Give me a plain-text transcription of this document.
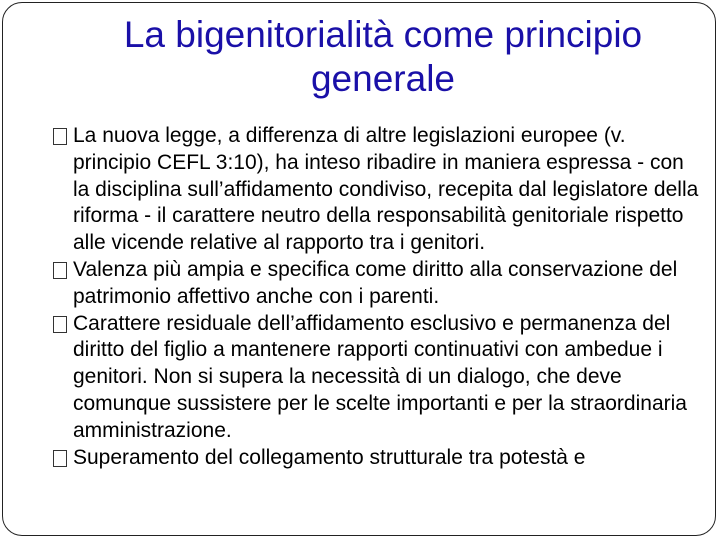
La bigenitorialità come principio generale
La nuova legge, a differenza di altre legislazioni europee (v. principio CEFL 3:10), ha inteso ribadire in maniera espressa - con la disciplina sull’affidamento condiviso, recepita dal legislatore della riforma - il carattere neutro della responsabilità genitoriale rispetto alle vicende relative al rapporto tra i genitori.
Valenza più ampia e specifica come diritto alla conservazione del patrimonio affettivo anche con i parenti.
Carattere residuale dell’affidamento esclusivo e permanenza del diritto del figlio a mantenere rapporti continuativi con ambedue i genitori. Non si supera la necessità di un dialogo, che deve comunque sussistere per le scelte importanti e per la straordinaria amministrazione.
Superamento del collegamento strutturale tra potestà e
